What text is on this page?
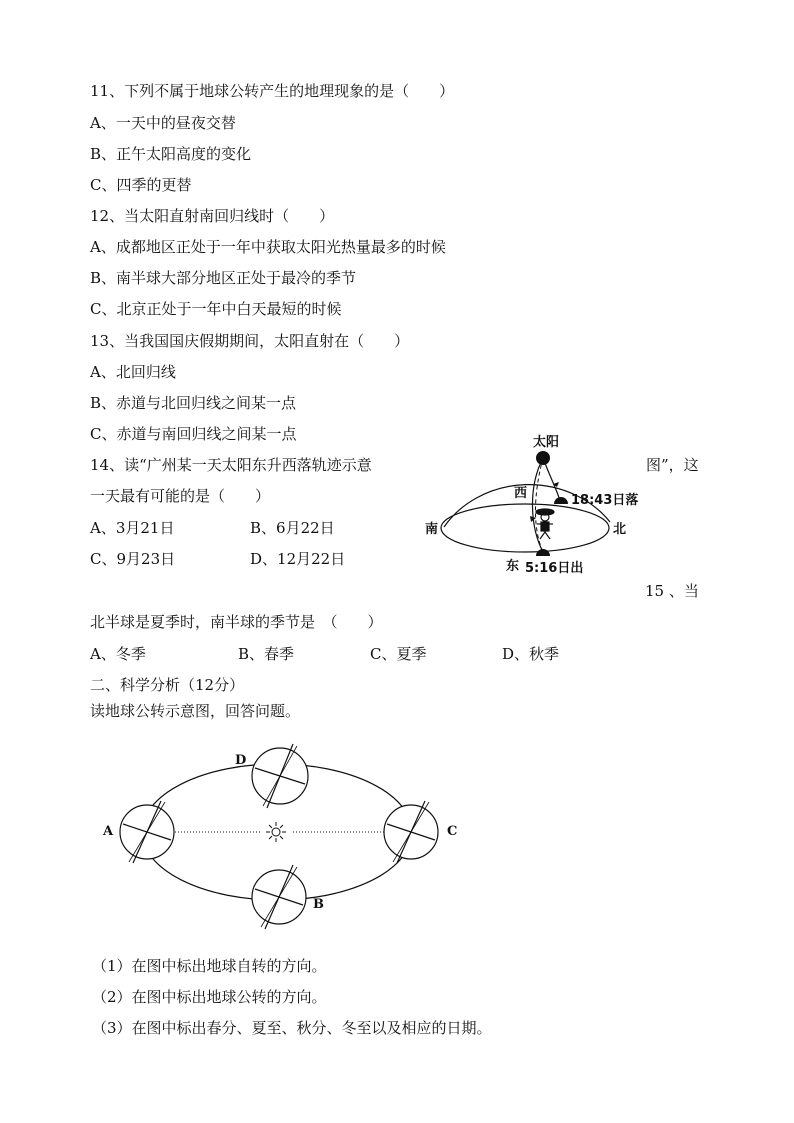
11、下列不属于地球公转产生的地理现象的是（　　）
A、一天中的昼夜交替
B、正午太阳高度的变化
C、四季的更替
12、当太阳直射南回归线时（　　）
A、成都地区正处于一年中获取太阳光热量最多的时候
B、南半球大部分地区正处于最冷的季节
C、北京正处于一年中白天最短的时候
13、当我国国庆假期期间，太阳直射在（　　）
A、北回归线
B、赤道与北回归线之间某一点
C、赤道与南回归线之间某一点
14、读“广州某一天太阳东升西落轨迹示意	图”，这
一天最有可能的是（　　）
A、3月21日	B、6月22日
C、9月23日	D、12月22日
太阳
西
南	北
东
18:43日落
5:16日出
15 、当
北半球是夏季时，南半球的季节是　（　　）
A、冬季	B、春季	C、夏季	D、秋季
二、科学分析（12分）
读地球公转示意图，回答问题。
A
B
C
D
（1）在图中标出地球自转的方向。
（2）在图中标出地球公转的方向。
（3）在图中标出春分、夏至、秋分、冬至以及相应的日期。
